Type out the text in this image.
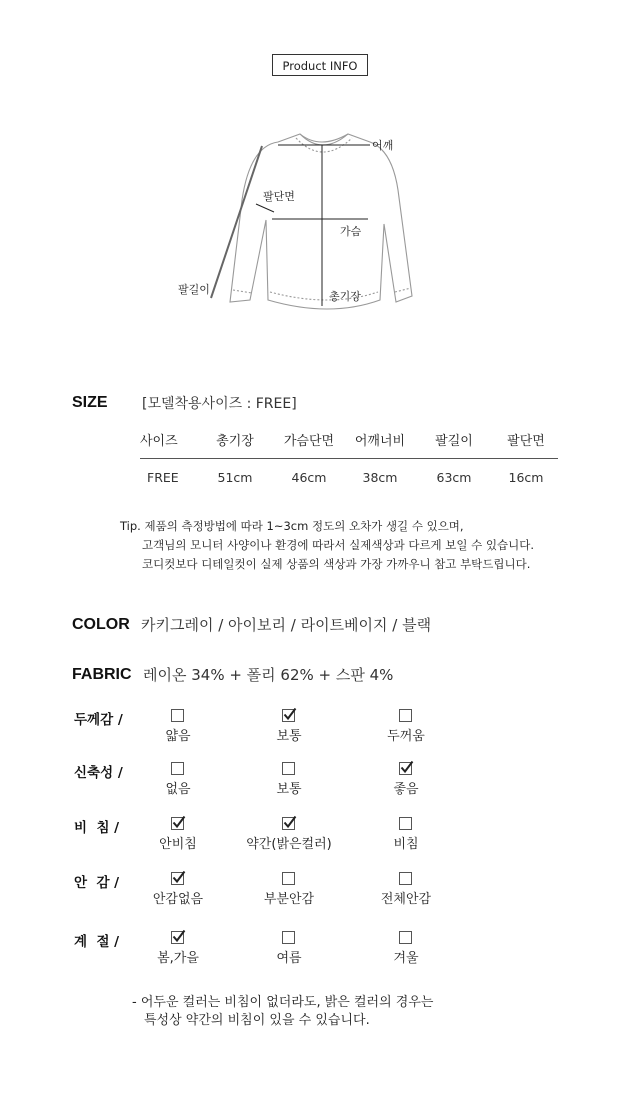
Product INFO
어깨
팔단면
가슴
팔길이
총기장
SIZE [모델착용사이즈 : FREE]
사이즈	총기장	가슴단면	어깨너비	팔길이	팔단면
FREE	51cm	46cm	38cm	63cm	16cm
Tip. 제품의 측정방법에 따라 1~3cm 정도의 오차가 생길 수 있으며,
고객님의 모니터 사양이나 환경에 따라서 실제색상과 다르게 보일 수 있습니다.
코디컷보다 디테일컷이 실제 상품의 색상과 가장 가까우니 참고 부탁드립니다.
COLOR 카키그레이 / 아이보리 / 라이트베이지 / 블랙
FABRIC 레이온 34% + 폴리 62% + 스판 4%
두께감 /
얇음	보통	두꺼움
신축성 /
없음	보통	좋음
비  침 /
안비침	약간(밝은컬러)	비침
안  감 /
안감없음	부분안감	전체안감
계  절 /
봄,가을	여름	겨울
- 어두운 컬러는 비침이 없더라도, 밝은 컬러의 경우는
특성상 약간의 비침이 있을 수 있습니다.
